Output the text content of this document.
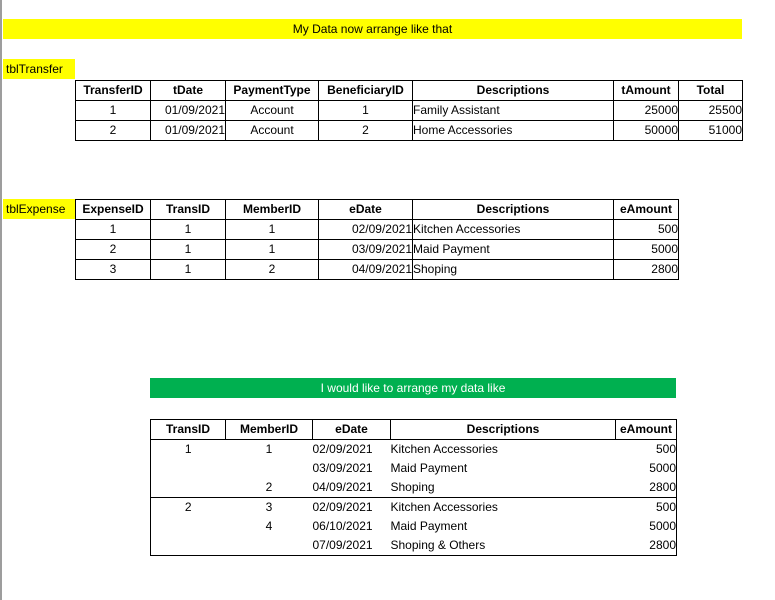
My Data now arrange like that
tblTransfer
TransferID	tDate	PaymentType	BeneficiaryID	Descriptions	tAmount	Total
1	01/09/2021	Account	1	Family Assistant	25000	25500
2	01/09/2021	Account	2	Home Accessories	50000	51000
tblExpense	ExpenseID	TransID	MemberID	eDate	Descriptions	eAmount
1	1	1	02/09/2021	Kitchen Accessories	500
2	1	1	03/09/2021	Maid Payment	5000
3	1	2	04/09/2021	Shoping	2800
I would like to arrange my data like
TransID	MemberID	eDate	Descriptions	eAmount
1	1	02/09/2021	Kitchen Accessories	500
		03/09/2021	Maid Payment	5000
	2	04/09/2021	Shoping	2800
2	3	02/09/2021	Kitchen Accessories	500
	4	06/10/2021	Maid Payment	5000
		07/09/2021	Shoping & Others	2800
